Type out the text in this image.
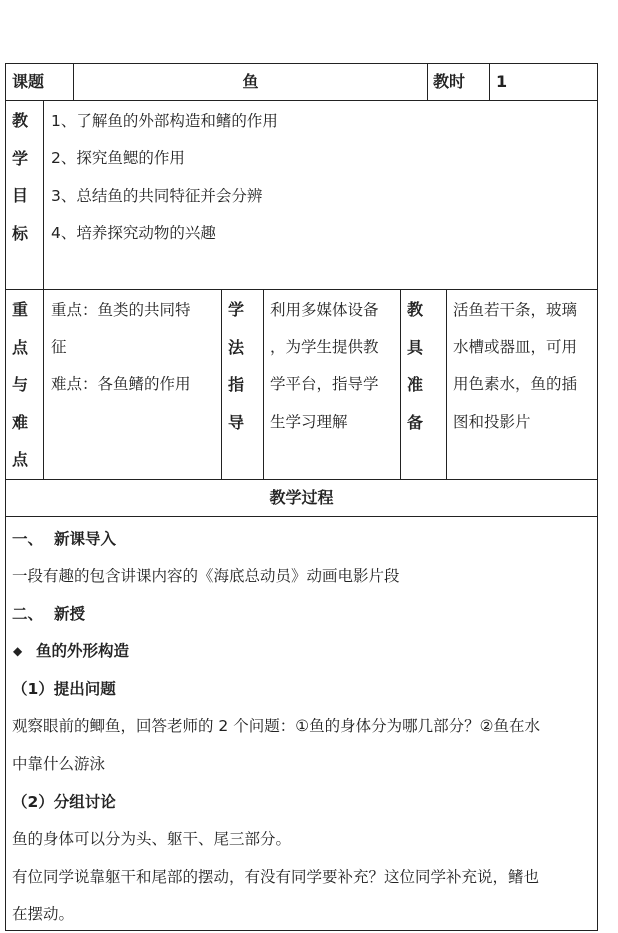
课题	鱼	教时 1
教
学
目
标
1、了解鱼的外部构造和鳍的作用
2、探究鱼鳃的作用
3、总结鱼的共同特征并会分辨
4、培养探究动物的兴趣
重
点
与
难
点
重点：鱼类的共同特
征
难点：各鱼鳍的作用
学
法
指
导
利用多媒体设备
，为学生提供教
学平台，指导学
生学习理解
教
具
准
备
活鱼若干条，玻璃
水槽或器皿，可用
用色素水，鱼的插
图和投影片
教学过程
一、 新课导入
一段有趣的包含讲课内容的《海底总动员》动画电影片段
二、 新授
◆ 鱼的外形构造
（1）提出问题
观察眼前的鲫鱼，回答老师的 2 个问题：①鱼的身体分为哪几部分？②鱼在水
中靠什么游泳
（2）分组讨论
鱼的身体可以分为头、躯干、尾三部分。
有位同学说靠躯干和尾部的摆动，有没有同学要补充？这位同学补充说，鳍也
在摆动。
